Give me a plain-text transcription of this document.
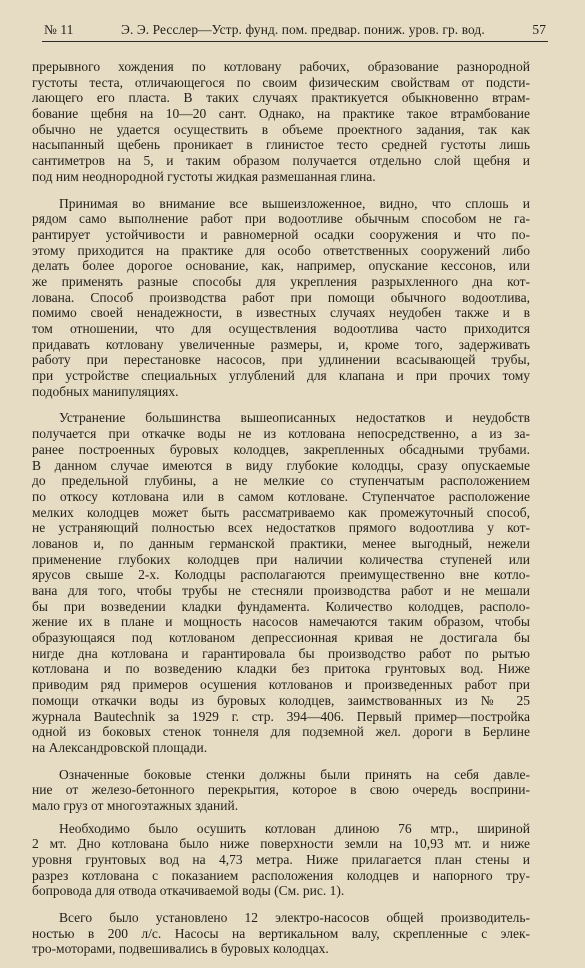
№ 11	Э. Э. Ресслер—Устр. фунд. пом. предвар. пониж. уров. гр. вод.	57
прерывного хождения по котловану рабочих, образование разнородной
густоты теста, отличающегося по своим физическим свойствам от подсти-
лающего его пласта. В таких случаях практикуется обыкновенно втрам-
бование щебня на 10—20 сант. Однако, на практике такое втрамбование
обычно не удается осуществить в объеме проектного задания, так как
насыпанный щебень проникает в глинистое тесто средней густоты лишь
сантиметров на 5, и таким образом получается отдельно слой щебня и
под ним неоднородной густоты жидкая размешанная глина.
Принимая во внимание все вышеизложенное, видно, что сплошь и
рядом само выполнение работ при водоотливе обычным способом не га-
рантирует устойчивости и равномерной осадки сооружения и что по-
этому приходится на практике для особо ответственных сооружений либо
делать более дорогое основание, как, например, опускание кессонов, или
же применять разные способы для укрепления разрыхленного дна кот-
лована. Способ производства работ при помощи обычного водоотлива,
помимо своей ненадежности, в известных случаях неудобен также и в
том отношении, что для осуществления водоотлива часто приходится
придавать котловану увеличенные размеры, и, кроме того, задерживать
работу при перестановке насосов, при удлинении всасывающей трубы,
при устройстве специальных углублений для клапана и при прочих тому
подобных манипуляциях.
Устранение большинства вышеописанных недостатков и неудобств
получается при откачке воды не из котлована непосредственно, а из за-
ранее построенных буровых колодцев, закрепленных обсадными трубами.
В данном случае имеются в виду глубокие колодцы, сразу опускаемые
до предельной глубины, а не мелкие со ступенчатым расположением
по откосу котлована или в самом котловане. Ступенчатое расположение
мелких колодцев может быть рассматриваемо как промежуточный способ,
не устраняющий полностью всех недостатков прямого водоотлива у кот-
лованов и, по данным германской практики, менее выгодный, нежели
применение глубоких колодцев при наличии количества ступеней или
ярусов свыше 2-х. Колодцы располагаются преимущественно вне котло-
вана для того, чтобы трубы не стесняли производства работ и не мешали
бы при возведении кладки фундамента. Количество колодцев, располо-
жение их в плане и мощность насосов намечаются таким образом, чтобы
образующаяся под котлованом депрессионная кривая не достигала бы
нигде дна котлована и гарантировала бы производство работ по рытью
котлована и по возведению кладки без притока грунтовых вод. Ниже
приводим ряд примеров осушения котлованов и произведенных работ при
помощи откачки воды из буровых колодцев, заимствованных из № 25
журнала Bautechnik за 1929 г. стр. 394—406. Первый пример—постройка
одной из боковых стенок тоннеля для подземной жел. дороги в Берлине
на Александровской площади.
Означенные боковые стенки должны были принять на себя давле-
ние от железо-бетонного перекрытия, которое в свою очередь восприни-
мало груз от многоэтажных зданий.
Необходимо было осушить котлован длиною 76 мтр., шириной
2 мт. Дно котлована было ниже поверхности земли на 10,93 мт. и ниже
уровня грунтовых вод на 4,73 метра. Ниже прилагается план стены и
разрез котлована с показанием расположения колодцев и напорного тру-
бопровода для отвода откачиваемой воды (См. рис. 1).
Всего было установлено 12 электро-насосов общей производитель-
ностью в 200 л/с. Насосы на вертикальном валу, скрепленные с элек-
тро-моторами, подвешивались в буровых колодцах.
